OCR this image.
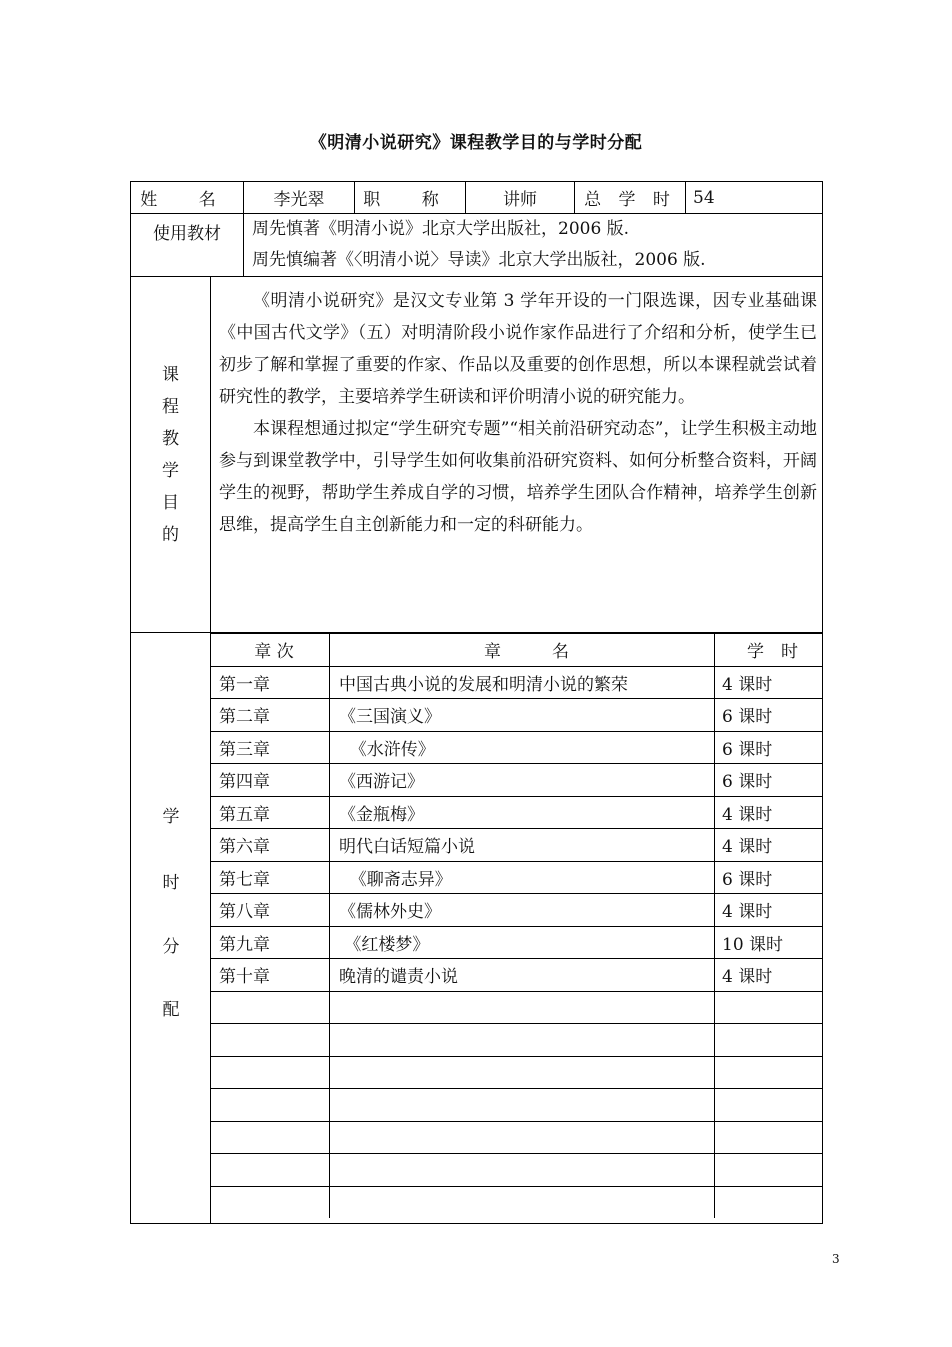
《明清小说研究》课程教学目的与学时分配
姓 名	李光翠	职 称	讲师	总 学 时	54
使用教材	周先慎著《明清小说》北京大学出版社，2006 版.
周先慎编著《〈明清小说〉导读》北京大学出版社，2006 版.				
课
程
教
学
目
的

《明清小说研究》是汉文专业第 3 学年开设的一门限选课，因专业基础课《中国古代文学》（五）对明清阶段小说作家作品进行了介绍和分析，使学生已初步了解和掌握了重要的作家、作品以及重要的创作思想，所以本课程就尝试着研究性的教学，主要培养学生研读和评价明清小说的研究能力。

本课程想通过拟定“学生研究专题”“相关前沿研究动态”，让学生积极主动地参与到课堂教学中，引导学生如何收集前沿研究资料、如何分析整合资料，开阔学生的视野，帮助学生养成自学的习惯，培养学生团队合作精神，培养学生创新思维，提高学生自主创新能力和一定的科研能力。

学
时
分
配
章 次	章　　　名	学　时
第一章	中国古典小说的发展和明清小说的繁荣	4 课时
第二章	《三国演义》	6 课时
第三章	《水浒传》	6 课时
第四章	《西游记》	6 课时
第五章	《金瓶梅》	4 课时
第六章	明代白话短篇小说	4 课时
第七章	《聊斋志异》	6 课时
第八章	《儒林外史》	4 课时
第九章	《红楼梦》	10 课时
第十章	晚清的谴责小说	4 课时

3
